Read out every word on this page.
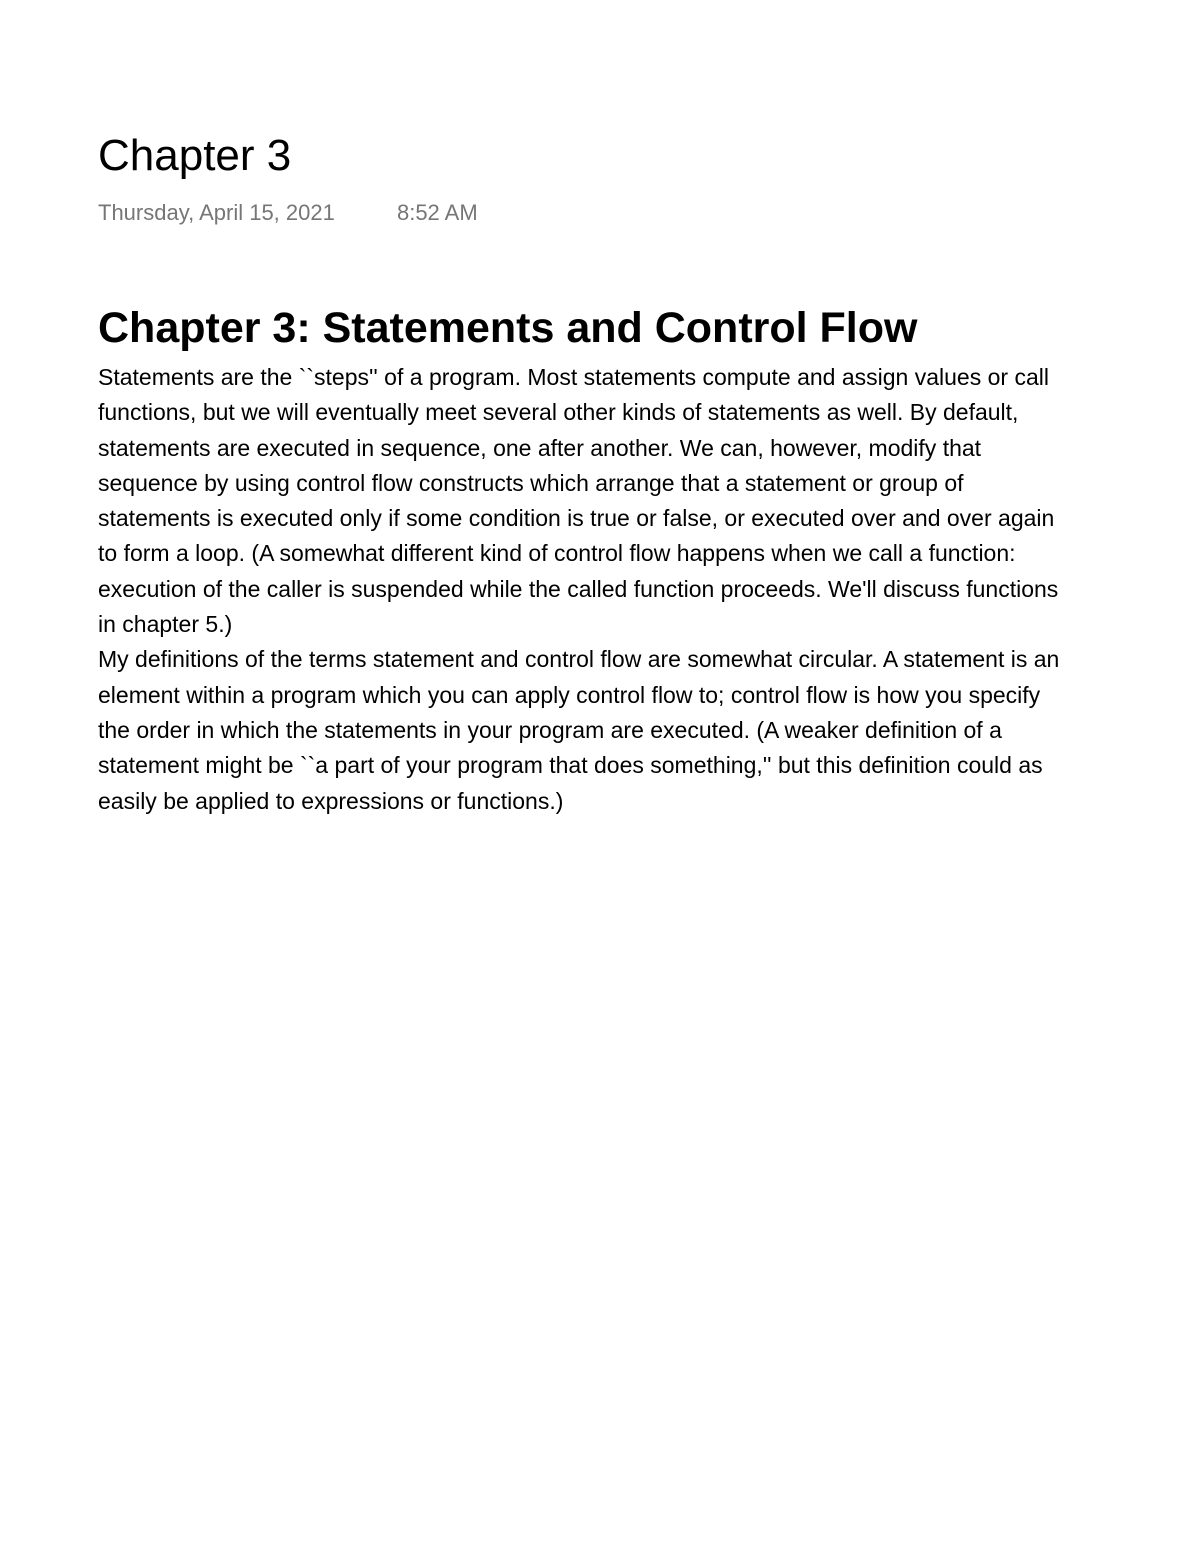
Chapter 3
Thursday, April 15, 2021	8:52 AM
Chapter 3: Statements and Control Flow
Statements are the ``steps'' of a program. Most statements compute and assign values or call
functions, but we will eventually meet several other kinds of statements as well. By default,
statements are executed in sequence, one after another. We can, however, modify that
sequence by using control flow constructs which arrange that a statement or group of
statements is executed only if some condition is true or false, or executed over and over again
to form a loop. (A somewhat different kind of control flow happens when we call a function:
execution of the caller is suspended while the called function proceeds. We'll discuss functions
in chapter 5.)
My definitions of the terms statement and control flow are somewhat circular. A statement is an
element within a program which you can apply control flow to; control flow is how you specify
the order in which the statements in your program are executed. (A weaker definition of a
statement might be ``a part of your program that does something,'' but this definition could as
easily be applied to expressions or functions.)
